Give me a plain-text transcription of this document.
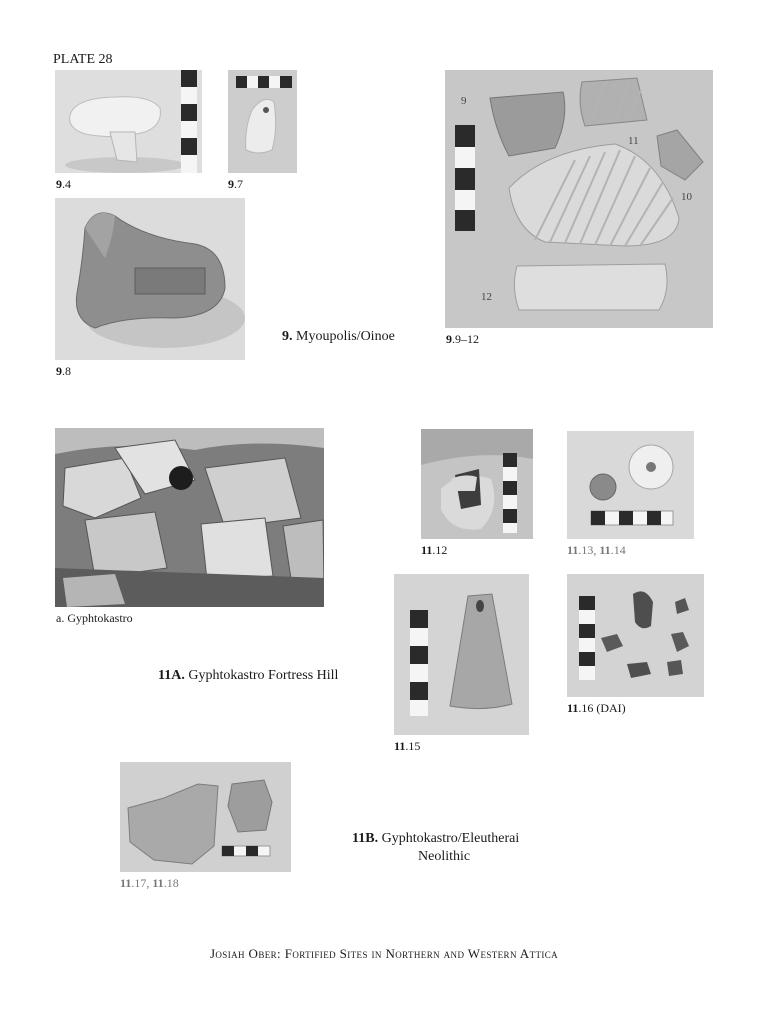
PLATE 28
9.4	9.7
9.8
9. Myoupolis/Oinoe
9
11
10
12
9.9–12
a. Gyphtokastro
11A. Gyphtokastro Fortress Hill
11.12	11.13, 11.14
11.15
11.16 (DAI)
11.17, 11.18
11B. Gyphtokastro/Eleutherai
Neolithic
Josiah Ober: Fortified Sites in Northern and Western Attica
